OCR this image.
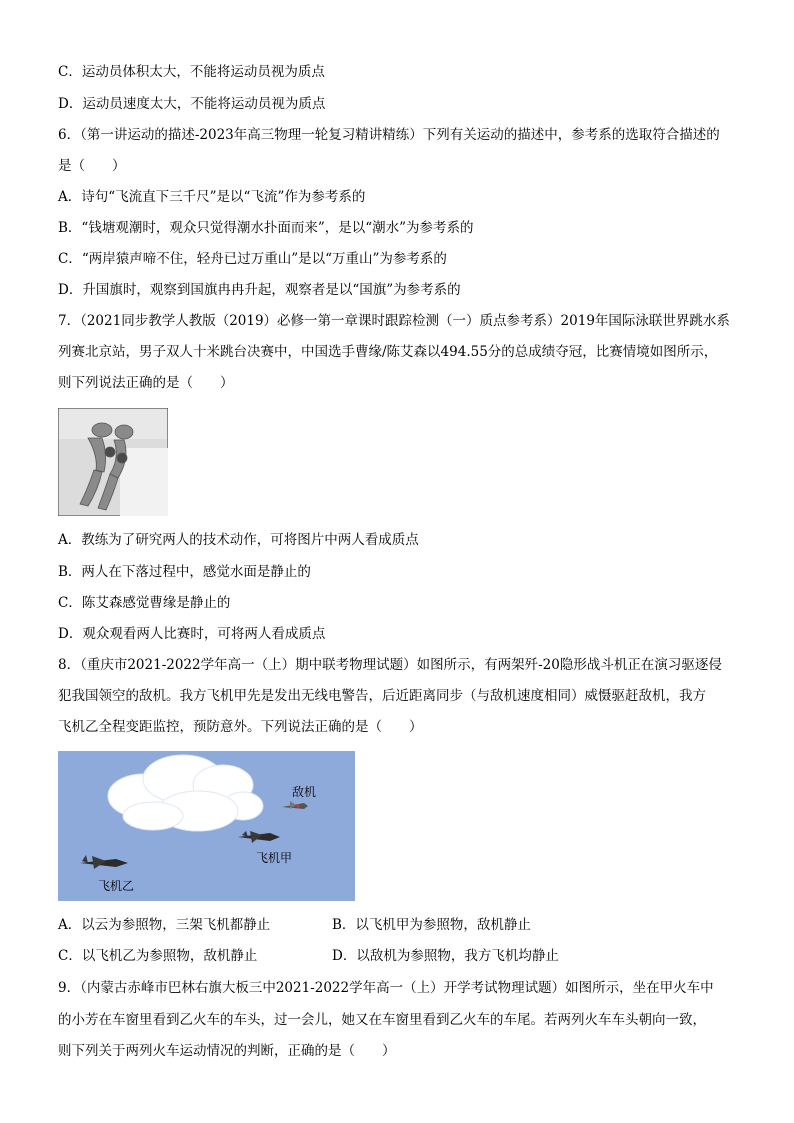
C．运动员体积太大，不能将运动员视为质点
D．运动员速度太大，不能将运动员视为质点
6．（第一讲运动的描述-2023年高三物理一轮复习精讲精练）下列有关运动的描述中，参考系的选取符合描述的
是（　　）
A．诗句“飞流直下三千尺”是以“飞流”作为参考系的
B．“钱塘观潮时，观众只觉得潮水扑面而来”，是以“潮水”为参考系的
C．“两岸猿声啼不住，轻舟已过万重山”是以“万重山”为参考系的
D．升国旗时，观察到国旗冉冉升起，观察者是以“国旗”为参考系的
7．（2021同步教学人教版（2019）必修一第一章课时跟踪检测（一）质点参考系）2019年国际泳联世界跳水系
列赛北京站，男子双人十米跳台决赛中，中国选手曹缘/陈艾森以494.55分的总成绩夺冠，比赛情境如图所示，
则下列说法正确的是（　　）
A．教练为了研究两人的技术动作，可将图片中两人看成质点
B．两人在下落过程中，感觉水面是静止的
C．陈艾森感觉曹缘是静止的
D．观众观看两人比赛时，可将两人看成质点
8．（重庆市2021-2022学年高一（上）期中联考物理试题）如图所示，有两架歼-20隐形战斗机正在演习驱逐侵
犯我国领空的敌机。我方飞机甲先是发出无线电警告，后近距离同步（与敌机速度相同）威慑驱赶敌机，我方
飞机乙全程变距监控，预防意外。下列说法正确的是（　　）
敌机
飞机甲
飞机乙
A．以云为参照物，三架飞机都静止	B．以飞机甲为参照物，敌机静止
C．以飞机乙为参照物，敌机静止	D．以敌机为参照物，我方飞机均静止
9．（内蒙古赤峰市巴林右旗大板三中2021-2022学年高一（上）开学考试物理试题）如图所示，坐在甲火车中
的小芳在车窗里看到乙火车的车头，过一会儿，她又在车窗里看到乙火车的车尾。若两列火车车头朝向一致，
则下列关于两列火车运动情况的判断，正确的是（　　）
